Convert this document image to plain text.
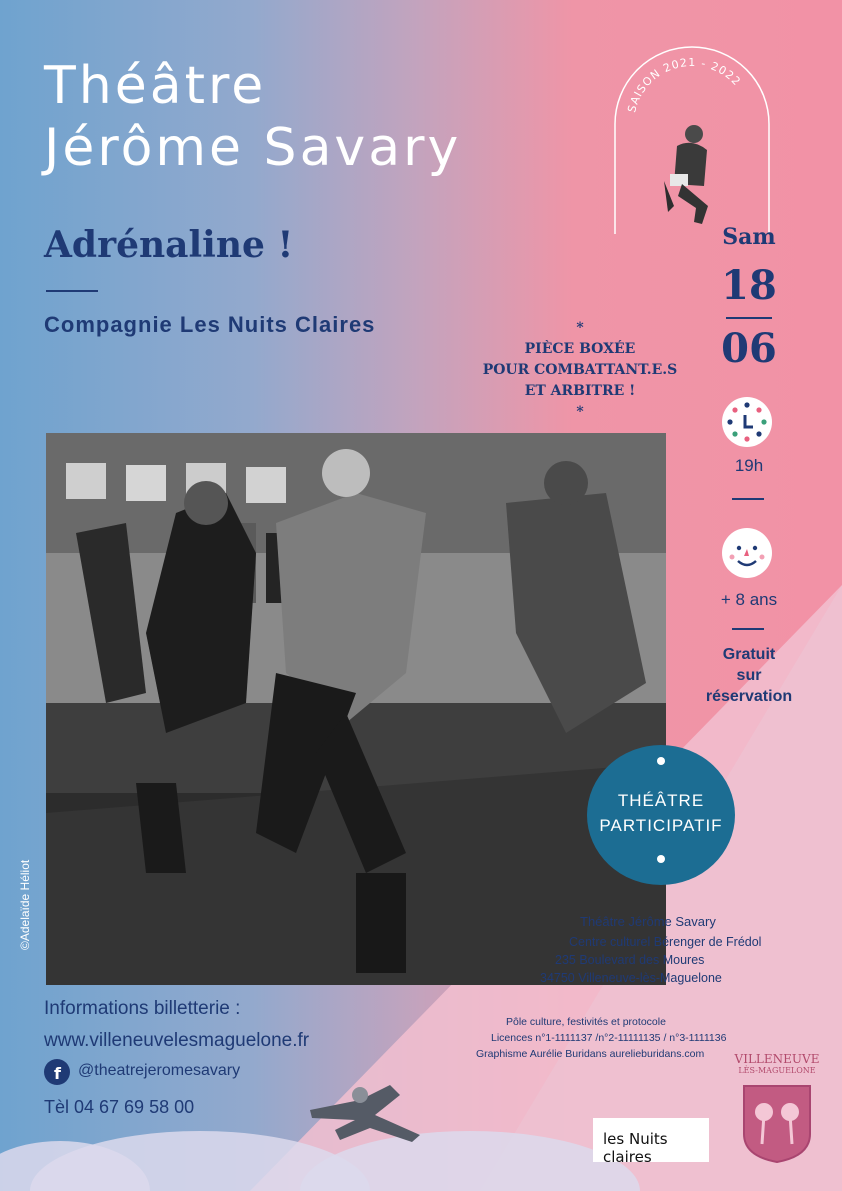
Théâtre
Jérôme Savary
SAISON 2021 - 2022
Adrénaline !
Compagnie Les Nuits Claires	*
PIÈCE BOXÉE
POUR COMBATTANT.E.S
ET ARBITRE !
*
Sam
18
06
19h
+ 8 ans
Gratuit
sur
réservation
THÉÂTRE
PARTICIPATIF
©Adelaïde Héliot	Théâtre Jérôme Savary
Centre culturel Bérenger de Frédol
235 Boulevard des Moures
34750 Villeneuve-lès-Maguelone
Informations billetterie :
www.villeneuvelesmaguelone.fr
f @theatrejeromesavary
Tèl 04 67 69 58 00
Pôle culture, festivités et protocole
Licences n°1-1111137 /n°2-11111135 / n°3-1111136
Graphisme Aurélie Buridans aurelieburidans.com
les Nuits claires
VILLENEUVE
LÈS-MAGUELONE
